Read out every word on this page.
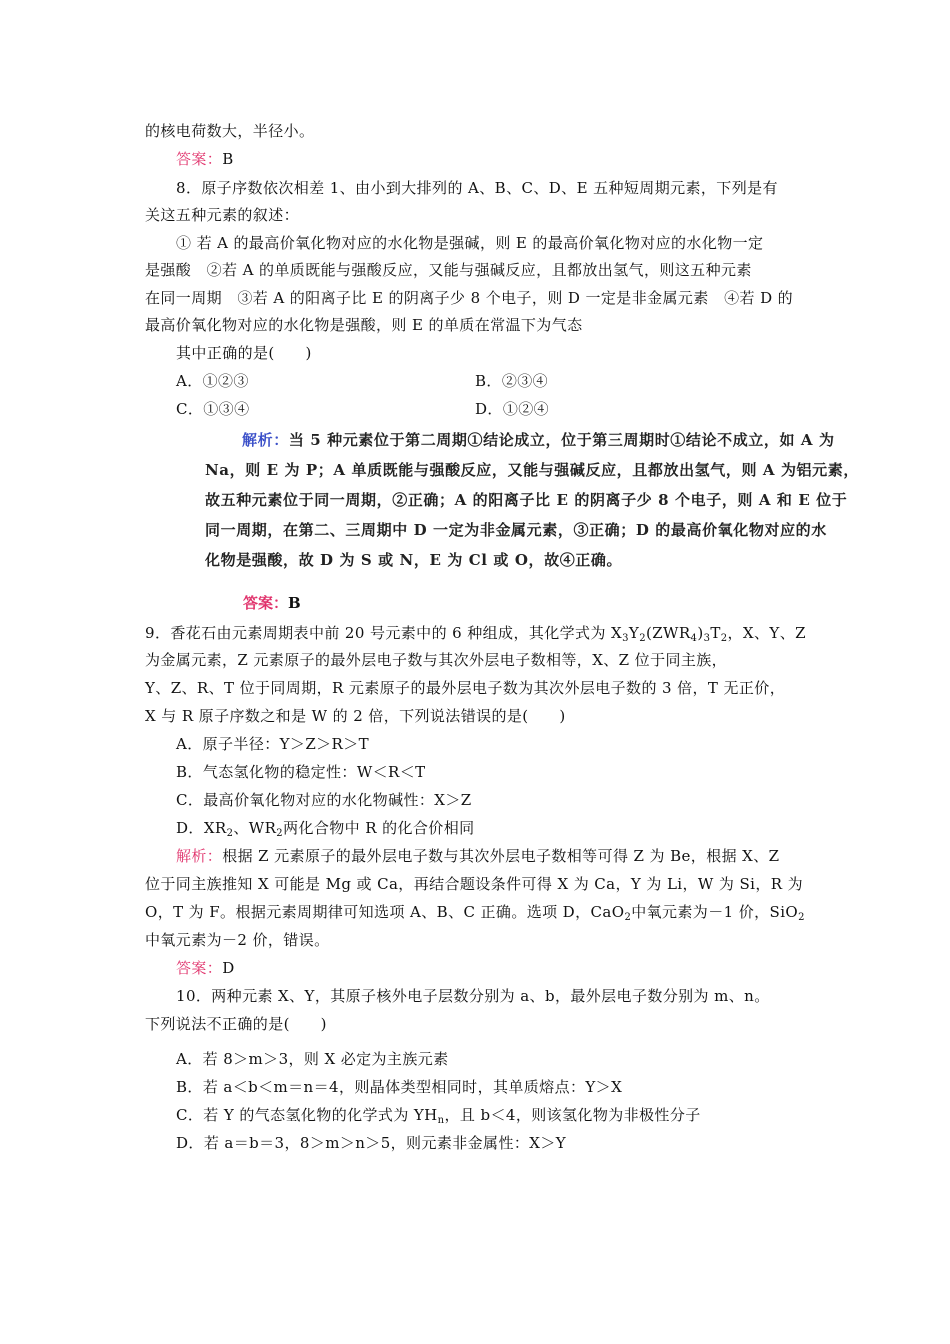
的核电荷数大，半径小。
答案：B
8．原子序数依次相差 1、由小到大排列的 A、B、C、D、E 五种短周期元素，下列是有
关这五种元素的叙述：
① 若 A 的最高价氧化物对应的水化物是强碱，则 E 的最高价氧化物对应的水化物一定
是强酸　②若 A 的单质既能与强酸反应，又能与强碱反应，且都放出氢气，则这五种元素
在同一周期　③若 A 的阳离子比 E 的阴离子少 8 个电子，则 D 一定是非金属元素　④若 D 的
最高价氧化物对应的水化物是强酸，则 E 的单质在常温下为气态
其中正确的是(　　)
A．①②③	B．②③④
C．①③④	D．①②④
解析：当 5 种元素位于第二周期①结论成立，位于第三周期时①结论不成立，如 A 为
Na，则 E 为 P；A 单质既能与强酸反应，又能与强碱反应，且都放出氢气，则 A 为铝元素，
故五种元素位于同一周期，②正确；A 的阳离子比 E 的阴离子少 8 个电子，则 A 和 E 位于
同一周期，在第二、三周期中 D 一定为非金属元素，③正确；D 的最高价氧化物对应的水
化物是强酸，故 D 为 S 或 N，E 为 Cl 或 O，故④正确。
答案：B
9．香花石由元素周期表中前 20 号元素中的 6 种组成，其化学式为 $X_3Y_2(ZWR_4)_3T_2$，X、Y、Z
为金属元素，Z 元素原子的最外层电子数与其次外层电子数相等，X、Z 位于同主族，
Y、Z、R、T 位于同周期，R 元素原子的最外层电子数为其次外层电子数的 3 倍，T 无正价，
X 与 R 原子序数之和是 W 的 2 倍，下列说法错误的是(　　)
A．原子半径：Y＞Z＞R＞T
B．气态氢化物的稳定性：W＜R＜T
C．最高价氧化物对应的水化物碱性：X＞Z
D．$XR_2$、$WR_2$两化合物中 R 的化合价相同
解析：根据 Z 元素原子的最外层电子数与其次外层电子数相等可得 Z 为 Be，根据 X、Z
位于同主族推知 X 可能是 Mg 或 Ca，再结合题设条件可得 X 为 Ca，Y 为 Li，W 为 Si，R 为
O，T 为 F。根据元素周期律可知选项 A、B、C 正确。选项 D，CaO$_2$中氧元素为－1 价，SiO$_2$
中氧元素为－2 价，错误。
答案：D
10．两种元素 X、Y，其原子核外电子层数分别为 a、b，最外层电子数分别为 m、n。
下列说法不正确的是(　　)
A．若 8＞m＞3，则 X 必定为主族元素
B．若 a＜b＜m＝n＝4，则晶体类型相同时，其单质熔点：Y＞X
C．若 Y 的气态氢化物的化学式为 $YH_n$，且 b＜4，则该氢化物为非极性分子
D．若 a＝b＝3，8＞m＞n＞5，则元素非金属性：X＞Y
